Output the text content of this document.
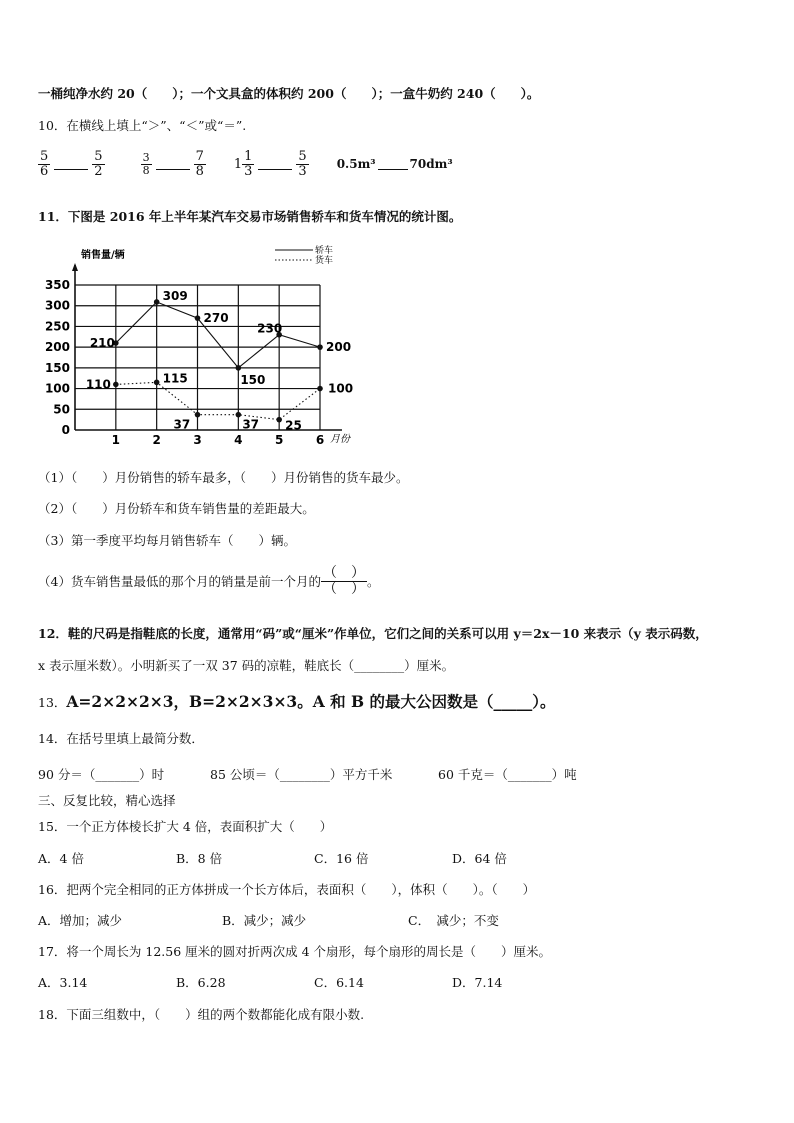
一桶纯净水约 20（　　）；一个文具盒的体积约 200（　　）；一盒牛奶约 240（　　）。
10．在横线上填上“＞”、“＜”或“＝”.
$\frac{5}{6}$	$\frac{5}{2}$	$\frac{3}{8}$	$\frac{7}{8} 1 \frac{1}{3}$	$\frac{5}{3} 0.5m^3$	70dm³
11．下图是 2016 年上半年某汽车交易市场销售轿车和货车情况的统计图。
0
50
100
150
200
250
300
350
1	2	3	4	5	6
销售量/辆
月份
210
309
270
150
230
200
110	115
37	37 25
100
轿车
货车
（1）（　　）月份销售的轿车最多，（　　）月份销售的货车最少。
（2）（　　）月份轿车和货车销售量的差距最大。
（3）第一季度平均每月销售轿车（　　）辆。
（4）货车销售量最低的那个月的销量是前一个月的 $\frac{( )}{( )}$ 。
12．鞋的尺码是指鞋底的长度，通常用“码”或“厘米”作单位，它们之间的关系可以用 y＝2x－10 来表示（y 表示码数，
x 表示厘米数）。小明新买了一双 37 码的凉鞋，鞋底长（________）厘米。
13． A=2×2×2×3，B=2×2×3×3。A 和 B 的最大公因数是（_____）。
14．在括号里填上最简分数．
90 分＝（_______）时	85 公顷＝（________）平方千米	60 千克＝（_______）吨
三、反复比较，精心选择
15．一个正方体棱长扩大 4 倍，表面积扩大（　　）
A．4 倍	B．8 倍	C．16 倍	D．64 倍
16．把两个完全相同的正方体拼成一个长方体后，表面积（　　），体积（　　）。（　　）
A．增加；减少	B．减少；减少	C．　减少；不变
17．将一个周长为 12.56 厘米的圆对折两次成 4 个扇形，每个扇形的周长是（　　）厘米。
A．3.14	B．6.28	C．6.14	D．7.14
18．下面三组数中，（　　）组的两个数都能化成有限小数.
